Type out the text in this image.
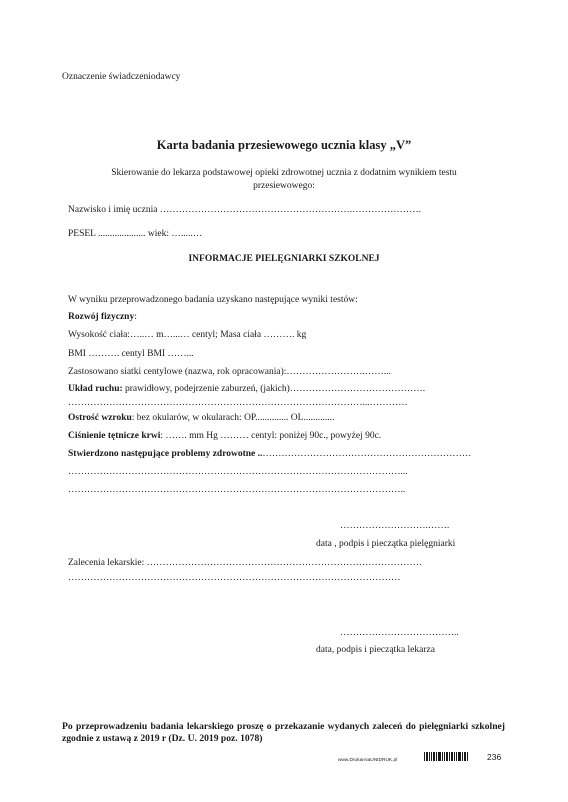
Oznaczenie świadczeniodawcy
Karta badania przesiewowego ucznia klasy „V”
Skierowanie do lekarza podstawowej opieki zdrowotnej ucznia z dodatnim wynikiem testu
przesiewowego:
Nazwisko i imię ucznia …………………………………………………….………………….
PESEL .................... wiek: ….....…
INFORMACJE PIELĘGNIARKI SZKOLNEJ
W wyniku przeprowadzonego badania uzyskano następujące wyniki testów:
Rozwój fizyczny:
Wysokość ciała:…..… m…...… centyl; Masa ciała ………. kg
BMI ………. centyl BMI ……...
Zastosowano siatki centylowe (nazwa, rok opracowania):…………………….……...
Układ ruchu: prawidłowy, podejrzenie zaburzeń, (jakich)…………………………………….
…………………………………………………………………………………...…………
Ostrość wzroku: bez okularów, w okularach: OP.............. OL.............
Ciśnienie tętnicze krwi: ……. mm Hg ……… centyl: poniżej 90c., powyżej 90c.
Stwierdzono następujące problemy zdrowotne ..…………………………………………………………
……………………………………………………………………………………………...
……………………………………………………………………………………………..
……………………….…….
data , podpis i pieczątka pielęgniarki
Zalecenia lekarskie: ……………………………………………………………………………
……………………………………………………………………………………………
………………………………..
data, podpis i pieczątka lekarza
Po przeprowadzeniu badania lekarskiego proszę o przekazanie wydanych zaleceń do pielęgniarki szkolnej zgodnie z ustawą z 2019 r (Dz. U. 2019 poz. 1078)
www.DrukarniaUNIDRUK.pl	236
